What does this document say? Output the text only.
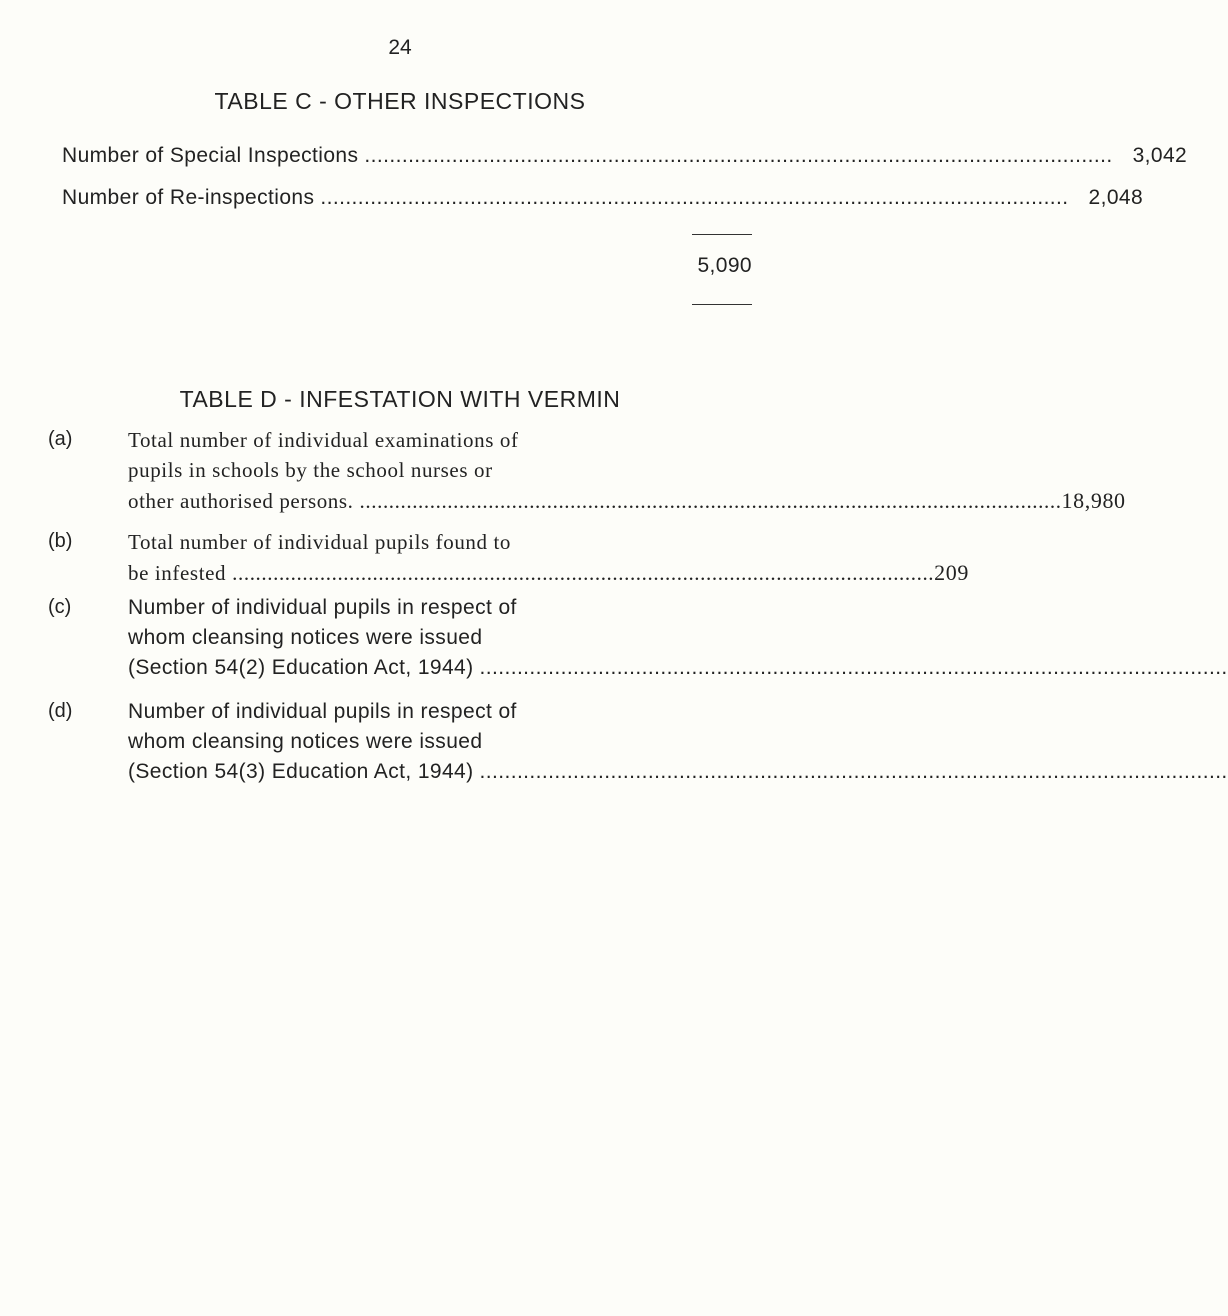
24
TABLE C - OTHER INSPECTIONS
Number of Special Inspections ........................................................................................................................ 3,042
Number of Re-inspections ........................................................................................................................ 2,048
5,090
TABLE D - INFESTATION WITH VERMIN
(a)	Total number of individual examinations of
pupils in schools by the school nurses or
other authorised persons. ........................................................................................................................ 18,980
(b)	Total number of individual pupils found to
be infested ........................................................................................................................ 209
(c)	Number of individual pupils in respect of
whom cleansing notices were issued
(Section 54(2) Education Act, 1944) ........................................................................................................................
(d)	Number of individual pupils in respect of
whom cleansing notices were issued
(Section 54(3) Education Act, 1944) ........................................................................................................................
